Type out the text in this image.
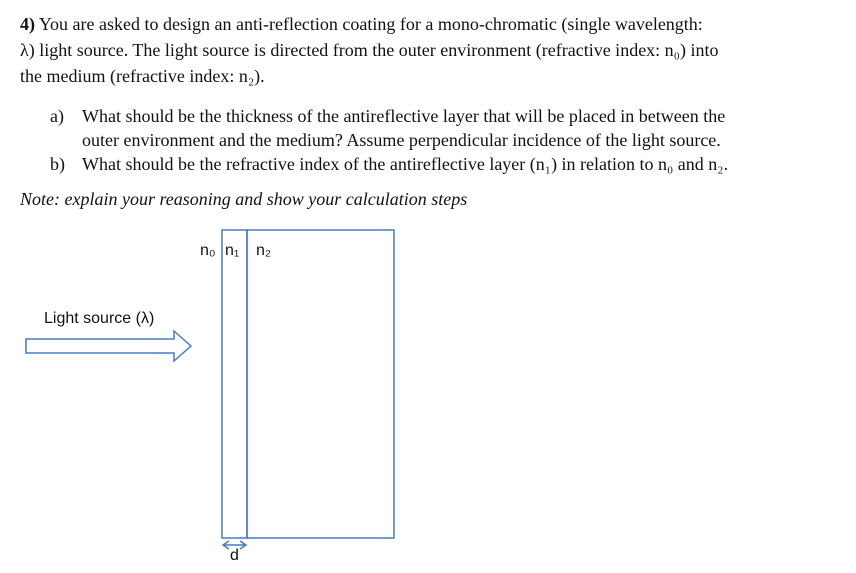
4) You are asked to design an anti-reflection coating for a mono-chromatic (single wavelength:
λ) light source. The light source is directed from the outer environment (refractive index: n₀) into
the medium (refractive index: n₂).
a) What should be the thickness of the antireflective layer that will be placed in between the
outer environment and the medium? Assume perpendicular incidence of the light source.
b) What should be the refractive index of the antireflective layer (n₁) in relation to n₀ and n₂.
Note: explain your reasoning and show your calculation steps
n₀ n₁ n₂
Light source (λ)
d
